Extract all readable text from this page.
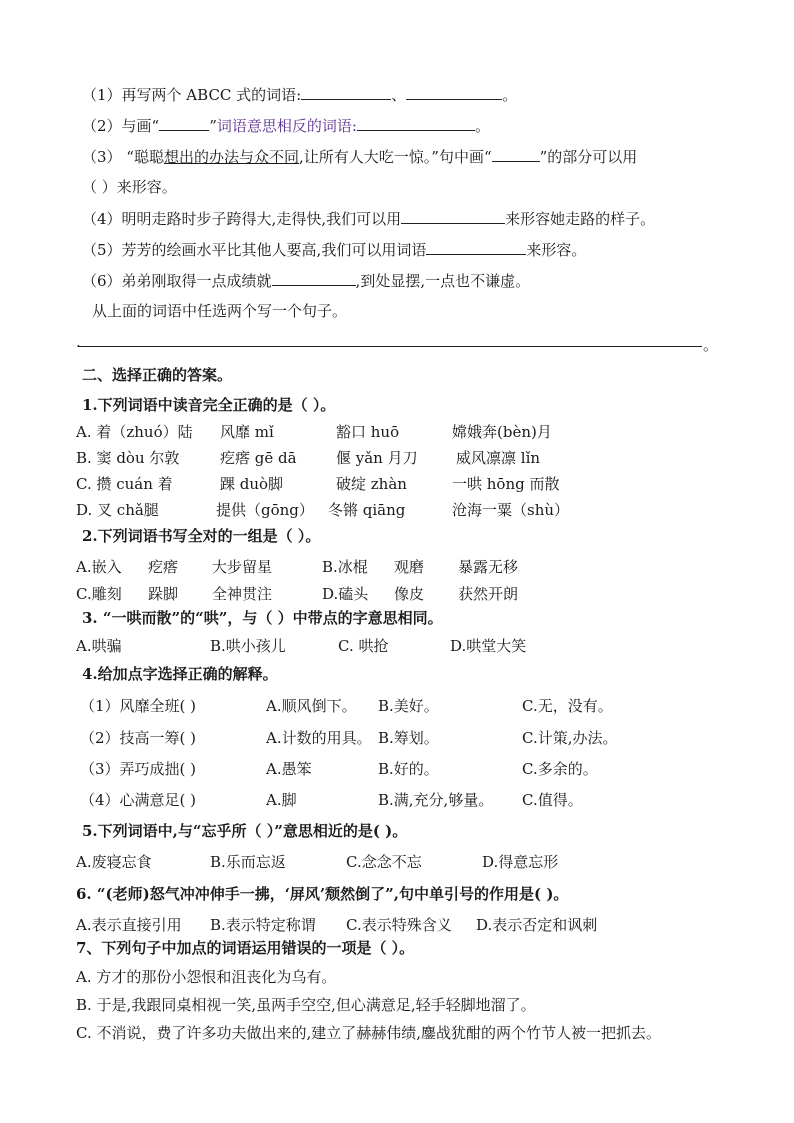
（1）再写两个 ABCC 式的词语:	、	。
（2）与画“	”词语意思相反的词语:	。
（3） “聪聪想出的办法与众不同,让所有人大吃一惊。”句中画“	”的部分可以用
（ ）来形容。
（4）明明走路时步子跨得大,走得快,我们可以用	来形容她走路的样子。
（5）芳芳的绘画水平比其他人要高,我们可以用词语	来形容。
（6）弟弟刚取得一点成绩就	,到处显摆,一点也不谦虚。
从上面的词语中任选两个写一个句子。
.	。
二、选择正确的答案。
1.下列词语中读音完全正确的是（ ）。
A. 着（zhuó）陆 风靡 mǐ	豁口 huō	嫦娥奔(bèn)月
B. 窦 dòu 尔敦	疙瘩 gē dā	偃 yǎn 月刀	威风凛凛 lǐn
C. 攒 cuán 着	踝 duò脚	破绽 zhàn	一哄 hōng 而散
D. 叉 chǎ腿	提供（gōng） 冬锵 qiāng	沧海一粟（shù）
2.下列词语书写全对的一组是（ ）。
A.嵌入 疙瘩 大步留星	B.冰棍 观磨 暴露无移
C.雕刻 跺脚 全神贯注	D.磕头 像皮 获然开朗
3. “一哄而散”的“哄”，与（ ）中带点的字意思相同。
A.哄骗	B.哄小孩儿	C. 哄抢	D.哄堂大笑
4.给加点字选择正确的解释。
（1）风靡全班( )	A.顺风倒下。 B.美好。	C.无，没有。
（2）技高一筹( )	A.计数的用具。 B.筹划。	C.计策,办法。
（3）弄巧成拙( )	A.愚笨	B.好的。	C.多余的。
（4）心满意足( )	A.脚	B.满,充分,够量。 C.值得。
5.下列词语中,与“忘乎所（ ）”意思相近的是( )。
A.废寝忘食	B.乐而忘返	C.念念不忘	D.得意忘形
6. “(老师)怒气冲冲伸手一拂，‘屏风’颓然倒了”,句中单引号的作用是( )。
A.表示直接引用 B.表示特定称谓 C.表示特殊含义 D.表示否定和讽刺
7、下列句子中加点的词语运用错误的一项是（ ）。
A. 方才的那份小怨恨和沮丧化为乌有。
B. 于是,我跟同桌相视一笑,虽两手空空,但心满意足,轻手轻脚地溜了。
C. 不消说，费了许多功夫做出来的,建立了赫赫伟绩,鏖战犹酣的两个竹节人被一把抓去。
